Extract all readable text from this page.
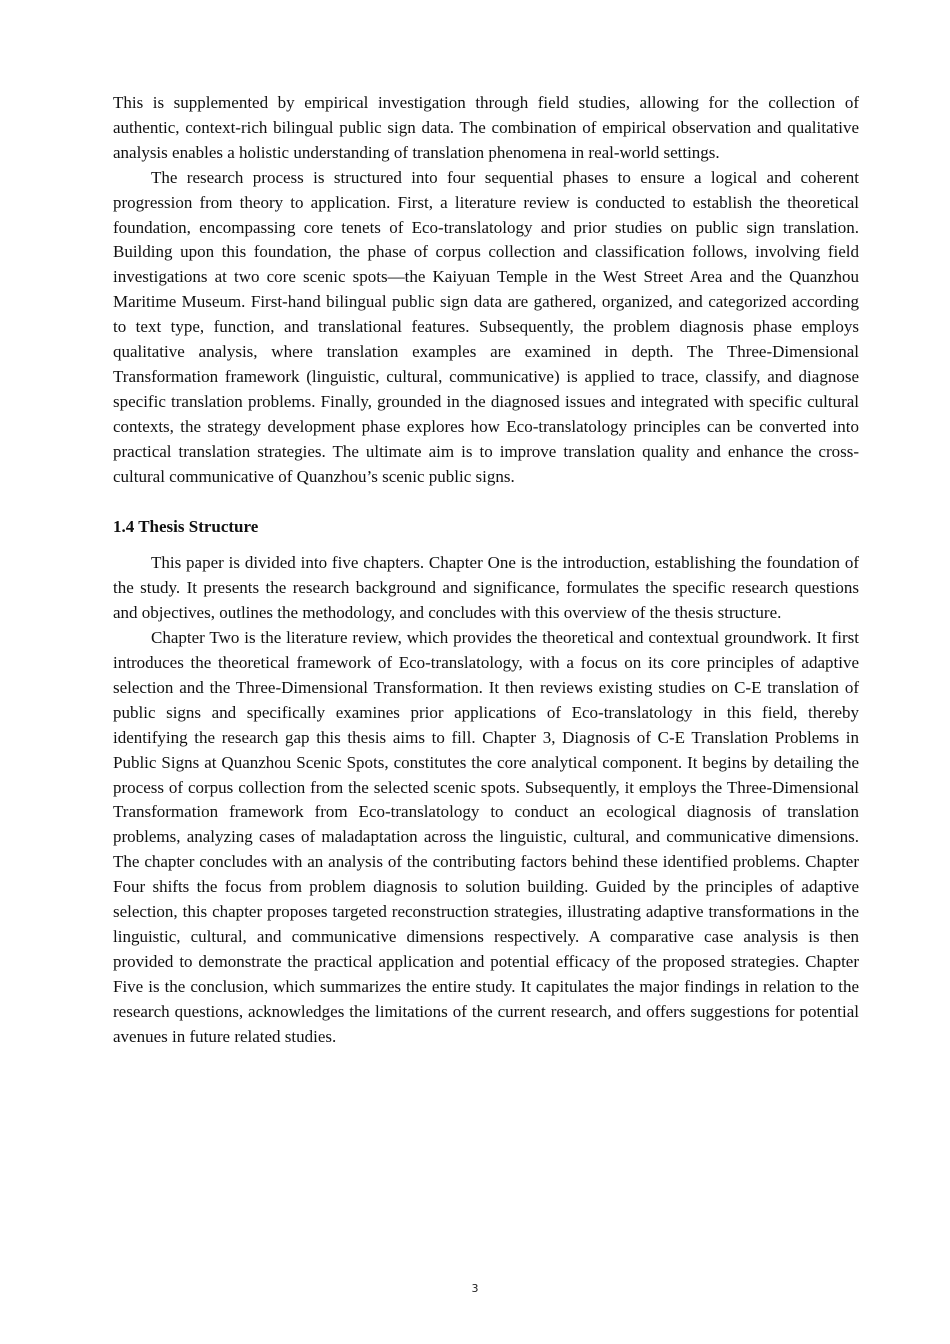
This is supplemented by empirical investigation through field studies, allowing for the collection of authentic, context-rich bilingual public sign data. The combination of empirical observation and qualitative analysis enables a holistic understanding of translation phenomena in real-world settings.

The research process is structured into four sequential phases to ensure a logical and coherent progression from theory to application. First, a literature review is conducted to establish the theoretical foundation, encompassing core tenets of Eco-translatology and prior studies on public sign translation. Building upon this foundation, the phase of corpus collection and classification follows, involving field investigations at two core scenic spots—the Kaiyuan Temple in the West Street Area and the Quanzhou Maritime Museum. First-hand bilingual public sign data are gathered, organized, and categorized according to text type, function, and translational features. Subsequently, the problem diagnosis phase employs qualitative analysis, where translation examples are examined in depth. The Three-Dimensional Transformation framework (linguistic, cultural, communicative) is applied to trace, classify, and diagnose specific translation problems. Finally, grounded in the diagnosed issues and integrated with specific cultural contexts, the strategy development phase explores how Eco-translatology principles can be converted into practical translation strategies. The ultimate aim is to improve translation quality and enhance the cross-cultural communicative of Quanzhou’s scenic public signs.

1.4 Thesis Structure

This paper is divided into five chapters. Chapter One is the introduction, establishing the foundation of the study. It presents the research background and significance, formulates the specific research questions and objectives, outlines the methodology, and concludes with this overview of the thesis structure.

Chapter Two is the literature review, which provides the theoretical and contextual groundwork. It first introduces the theoretical framework of Eco-translatology, with a focus on its core principles of adaptive selection and the Three-Dimensional Transformation. It then reviews existing studies on C-E translation of public signs and specifically examines prior applications of Eco-translatology in this field, thereby identifying the research gap this thesis aims to fill. Chapter 3, Diagnosis of C-E Translation Problems in Public Signs at Quanzhou Scenic Spots, constitutes the core analytical component. It begins by detailing the process of corpus collection from the selected scenic spots. Subsequently, it employs the Three-Dimensional Transformation framework from Eco-translatology to conduct an ecological diagnosis of translation problems, analyzing cases of maladaptation across the linguistic, cultural, and communicative dimensions. The chapter concludes with an analysis of the contributing factors behind these identified problems. Chapter Four shifts the focus from problem diagnosis to solution building. Guided by the principles of adaptive selection, this chapter proposes targeted reconstruction strategies, illustrating adaptive transformations in the linguistic, cultural, and communicative dimensions respectively. A comparative case analysis is then provided to demonstrate the practical application and potential efficacy of the proposed strategies. Chapter Five is the conclusion, which summarizes the entire study. It capitulates the major findings in relation to the research questions, acknowledges the limitations of the current research, and offers suggestions for potential avenues in future related studies.

3
